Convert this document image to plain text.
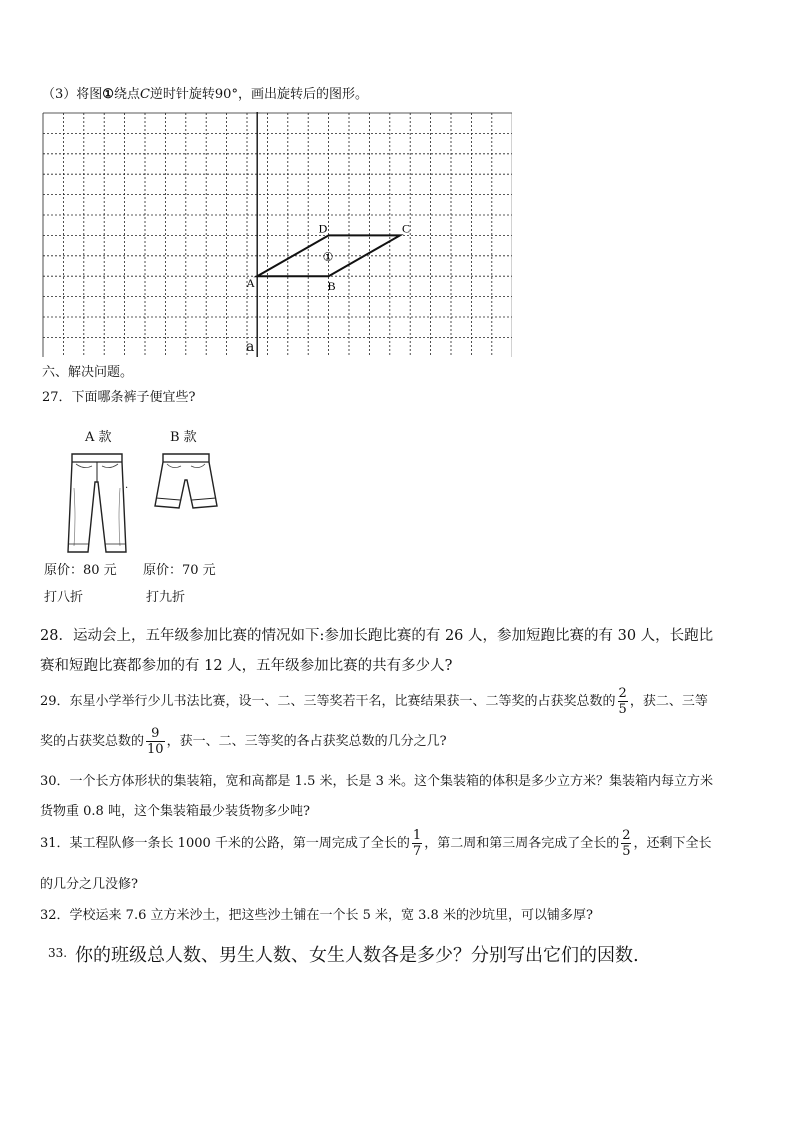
（3）将图①绕点C逆时针旋转90°，画出旋转后的图形。
A	B
C
D
①
a
六、解决问题。
27．下面哪条裤子便宜些?
A 款	B 款
.
原价：80 元 原价：70 元
打八折	打九折
28．运动会上，五年级参加比赛的情况如下:参加长跑比赛的有 26 人，参加短跑比赛的有 30 人，长跑比
赛和短跑比赛都参加的有 12 人，五年级参加比赛的共有多少人?
29．东星小学举行少儿书法比赛，设一、二、三等奖若干名，比赛结果获一、二等奖的占获奖总数的 $\frac{2}{5}$ ，获二、三等
奖的占获奖总数的 $\frac{9}{10}$ ，获一、二、三等奖的各占获奖总数的几分之几?
30．一个长方体形状的集装箱，宽和高都是 1.5 米，长是 3 米。这个集装箱的体积是多少立方米？集装箱内每立方米
货物重 0.8 吨，这个集装箱最少装货物多少吨?
31．某工程队修一条长 1000 千米的公路，第一周完成了全长的 $\frac{1}{7}$ ，第二周和第三周各完成了全长的 $\frac{2}{5}$ ，还剩下全长
的几分之几没修?
32．学校运来 7.6 立方米沙土，把这些沙土铺在一个长 5 米，宽 3.8 米的沙坑里，可以铺多厚?
33. 你的班级总人数、男生人数、女生人数各是多少？分别写出它们的因数.
